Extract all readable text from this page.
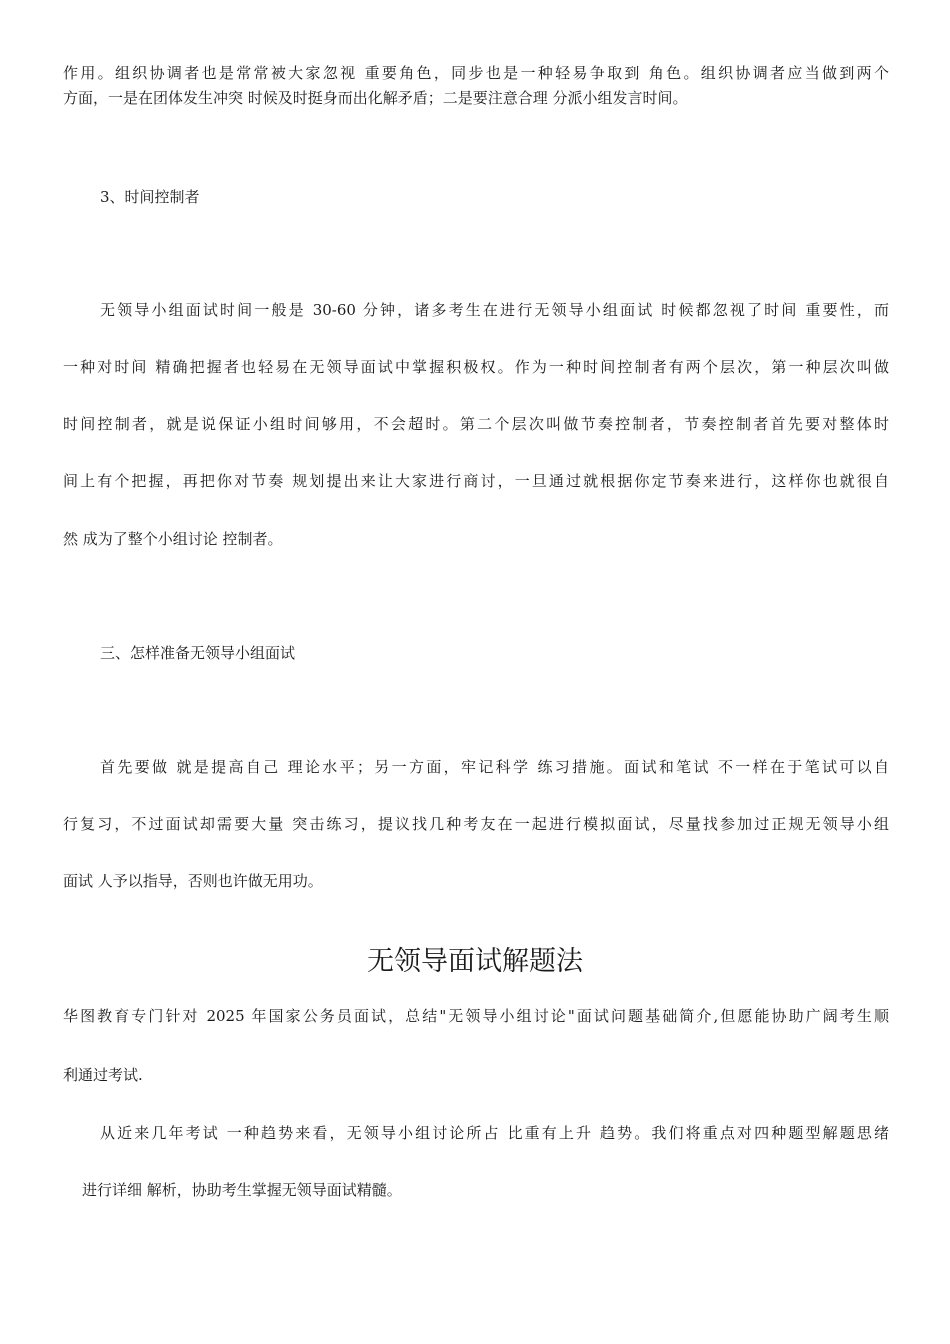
作用。组织协调者也是常常被大家忽视 重要角色，同步也是一种轻易争取到 角色。组织协调者应当做到两个
方面，一是在团体发生冲突 时候及时挺身而出化解矛盾；二是要注意合理 分派小组发言时间。
3、时间控制者
无领导小组面试时间一般是 30-60 分钟，诸多考生在进行无领导小组面试 时候都忽视了时间 重要性，而
一种对时间 精确把握者也轻易在无领导面试中掌握积极权。作为一种时间控制者有两个层次，第一种层次叫做
时间控制者，就是说保证小组时间够用，不会超时。第二个层次叫做节奏控制者，节奏控制者首先要对整体时
间上有个把握，再把你对节奏 规划提出来让大家进行商讨，一旦通过就根据你定节奏来进行，这样你也就很自
然 成为了整个小组讨论 控制者。
三、怎样准备无领导小组面试
首先要做 就是提高自己 理论水平；另一方面，牢记科学 练习措施。面试和笔试 不一样在于笔试可以自
行复习，不过面试却需要大量 突击练习，提议找几种考友在一起进行模拟面试，尽量找参加过正规无领导小组
面试 人予以指导，否则也许做无用功。
无领导面试解题法
华图教育专门针对 2025 年国家公务员面试，总结"无领导小组讨论"面试问题基础简介,但愿能协助广阔考生顺
利通过考试.
从近来几年考试 一种趋势来看，无领导小组讨论所占 比重有上升 趋势。我们将重点对四种题型解题思绪
进行详细 解析，协助考生掌握无领导面试精髓。
